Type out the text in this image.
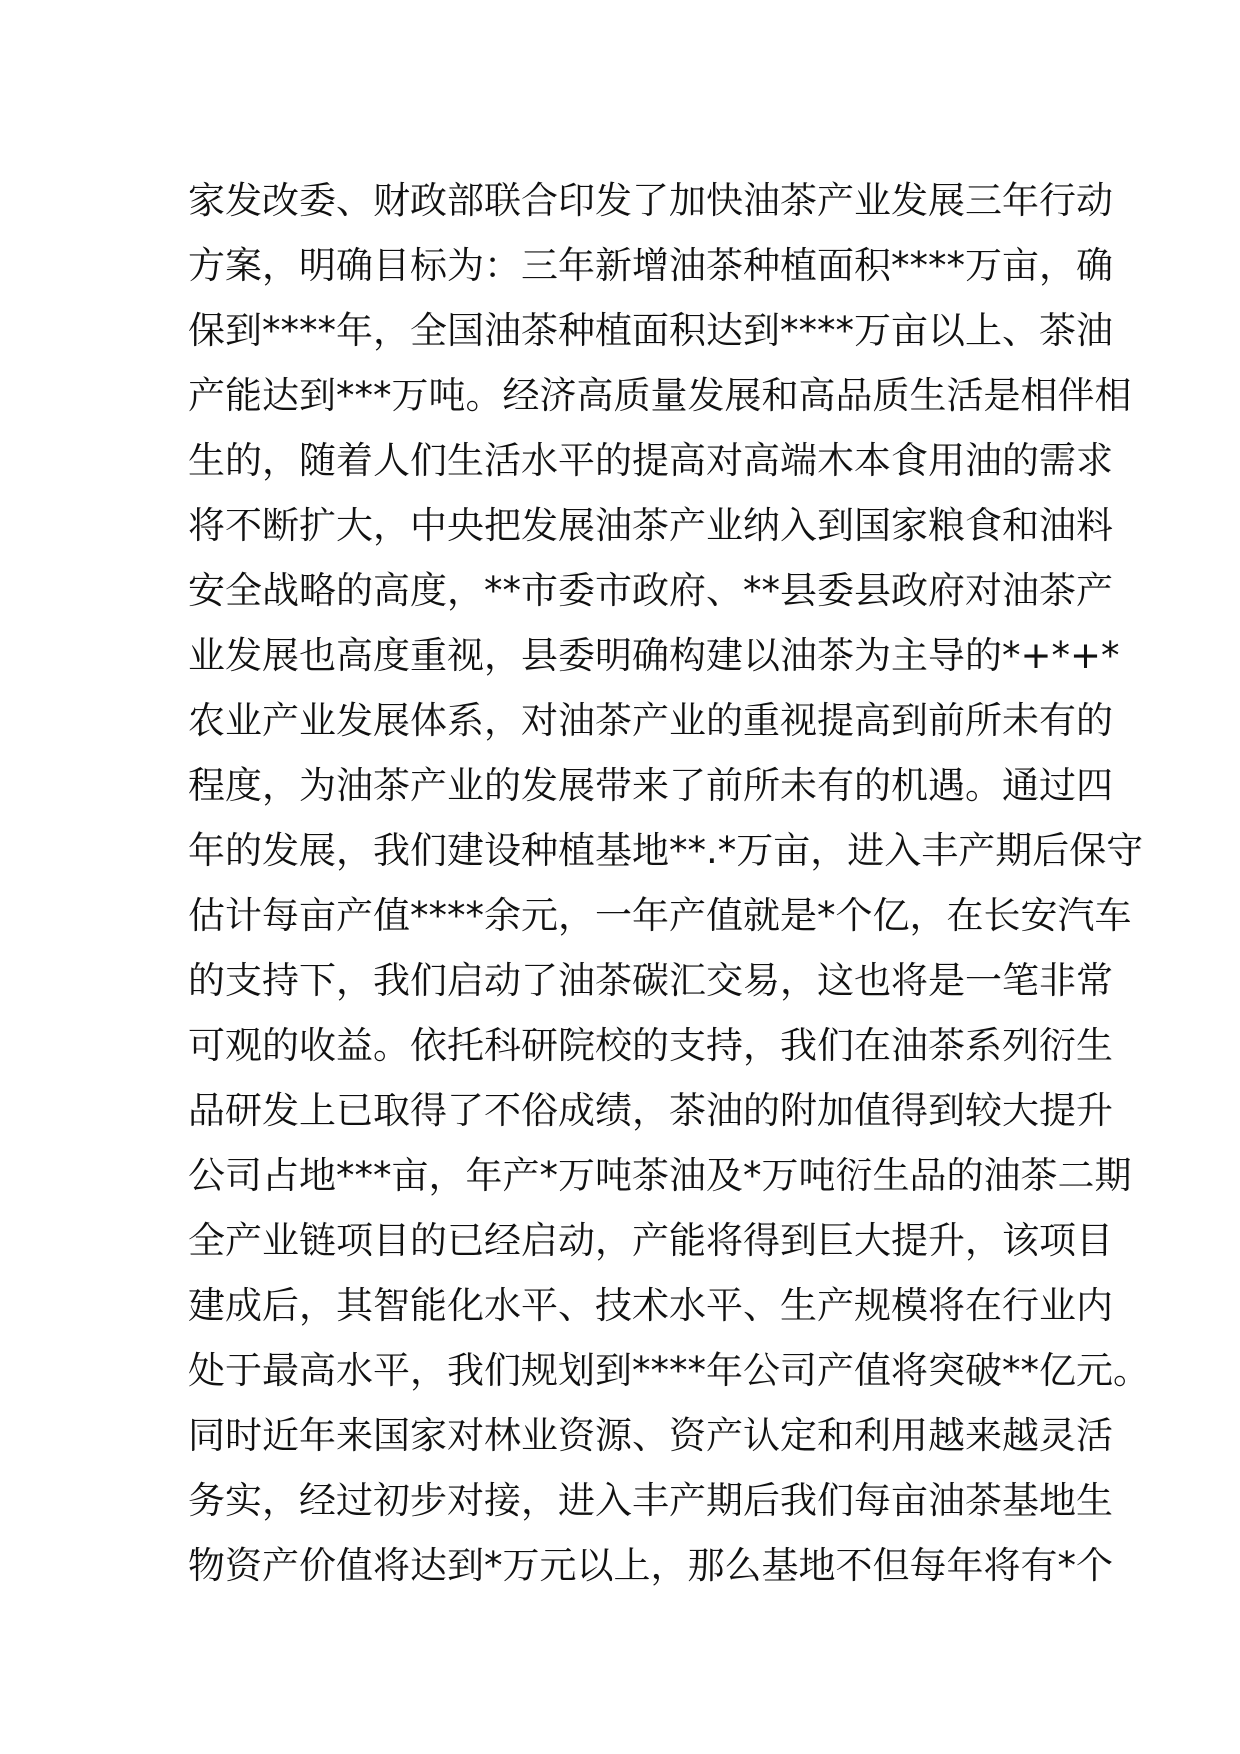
家发改委、财政部联合印发了加快油茶产业发展三年行动
方案，明确目标为：三年新增油茶种植面积****万亩，确
保到****年，全国油茶种植面积达到****万亩以上、茶油
产能达到***万吨。经济高质量发展和高品质生活是相伴相
生的，随着人们生活水平的提高对高端木本食用油的需求
将不断扩大，中央把发展油茶产业纳入到国家粮食和油料
安全战略的高度，**市委市政府、**县委县政府对油茶产
业发展也高度重视，县委明确构建以油茶为主导的*+*+*
农业产业发展体系，对油茶产业的重视提高到前所未有的
程度，为油茶产业的发展带来了前所未有的机遇。通过四
年的发展，我们建设种植基地**.*万亩，进入丰产期后保守
估计每亩产值****余元，一年产值就是*个亿，在长安汽车
的支持下，我们启动了油茶碳汇交易，这也将是一笔非常
可观的收益。依托科研院校的支持，我们在油茶系列衍生
品研发上已取得了不俗成绩，茶油的附加值得到较大提升
公司占地***亩，年产*万吨茶油及*万吨衍生品的油茶二期
全产业链项目的已经启动，产能将得到巨大提升，该项目
建成后，其智能化水平、技术水平、生产规模将在行业内
处于最高水平，我们规划到****年公司产值将突破**亿元。
同时近年来国家对林业资源、资产认定和利用越来越灵活
务实，经过初步对接，进入丰产期后我们每亩油茶基地生
物资产价值将达到*万元以上，那么基地不但每年将有*个
